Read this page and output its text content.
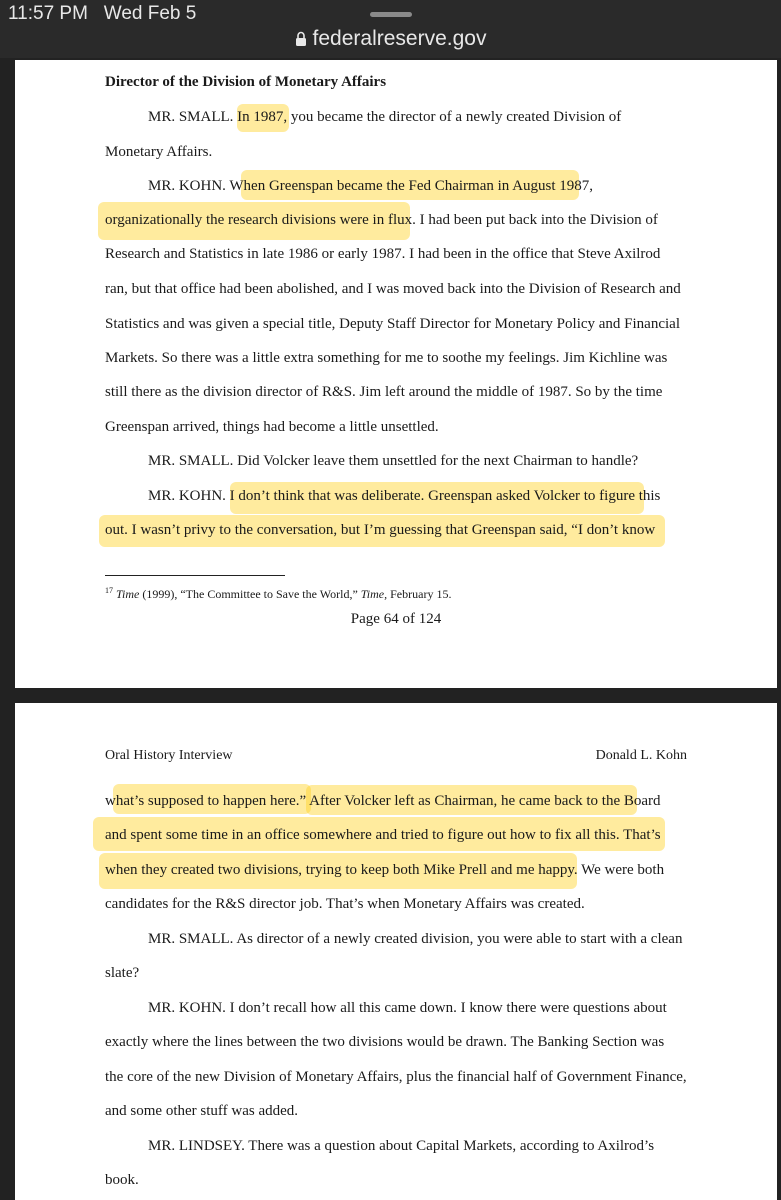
11:57 PM   Wed Feb 5
federalreserve.gov
Director of the Division of Monetary Affairs
MR. SMALL. In 1987, you became the director of a newly created Division of
Monetary Affairs.
MR. KOHN. When Greenspan became the Fed Chairman in August 1987,
organizationally the research divisions were in flux. I had been put back into the Division of
Research and Statistics in late 1986 or early 1987. I had been in the office that Steve Axilrod
ran, but that office had been abolished, and I was moved back into the Division of Research and
Statistics and was given a special title, Deputy Staff Director for Monetary Policy and Financial
Markets. So there was a little extra something for me to soothe my feelings. Jim Kichline was
still there as the division director of R&S. Jim left around the middle of 1987. So by the time
Greenspan arrived, things had become a little unsettled.
MR. SMALL. Did Volcker leave them unsettled for the next Chairman to handle?
MR. KOHN. I don’t think that was deliberate. Greenspan asked Volcker to figure this
out. I wasn’t privy to the conversation, but I’m guessing that Greenspan said, “I don’t know
$^{17}$ Time (1999), “The Committee to Save the World,” Time, February 15.
Page 64 of 124
Oral History Interview	Donald L. Kohn
what’s supposed to happen here.” After Volcker left as Chairman, he came back to the Board
and spent some time in an office somewhere and tried to figure out how to fix all this. That’s
when they created two divisions, trying to keep both Mike Prell and me happy. We were both
candidates for the R&S director job. That’s when Monetary Affairs was created.
MR. SMALL. As director of a newly created division, you were able to start with a clean
slate?
MR. KOHN. I don’t recall how all this came down. I know there were questions about
exactly where the lines between the two divisions would be drawn. The Banking Section was
the core of the new Division of Monetary Affairs, plus the financial half of Government Finance,
and some other stuff was added.
MR. LINDSEY. There was a question about Capital Markets, according to Axilrod’s
book.
